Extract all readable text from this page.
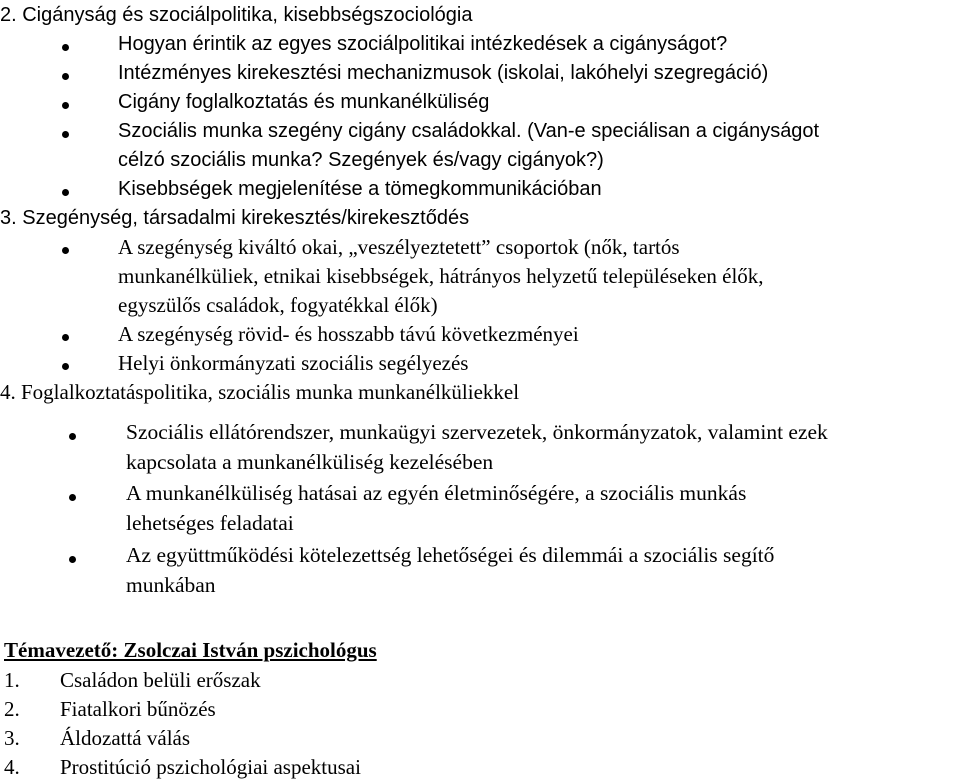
2. Cigányság és szociálpolitika, kisebbségszociológia
Hogyan érintik az egyes szociálpolitikai intézkedések a cigányságot?
Intézményes kirekesztési mechanizmusok (iskolai, lakóhelyi szegregáció)
Cigány foglalkoztatás és munkanélküliség
Szociális munka szegény cigány családokkal. (Van-e speciálisan a cigányságot
célzó szociális munka? Szegények és/vagy cigányok?)
Kisebbségek megjelenítése a tömegkommunikációban
3. Szegénység, társadalmi kirekesztés/kirekesztődés
A szegénység kiváltó okai, „veszélyeztetett” csoportok (nők, tartós
munkanélküliek, etnikai kisebbségek, hátrányos helyzetű településeken élők,
egyszülős családok, fogyatékkal élők)
A szegénység rövid- és hosszabb távú következményei
Helyi önkormányzati szociális segélyezés
4. Foglalkoztatáspolitika, szociális munka munkanélküliekkel
Szociális ellátórendszer, munkaügyi szervezetek, önkormányzatok, valamint ezek
kapcsolata a munkanélküliség kezelésében
A munkanélküliség hatásai az egyén életminőségére, a szociális munkás
lehetséges feladatai
Az együttműködési kötelezettség lehetőségei és dilemmái a szociális segítő
munkában
Témavezető: Zsolczai István pszichológus
1. Családon belüli erőszak
2. Fiatalkori bűnözés
3. Áldozattá válás
4. Prostitúció pszichológiai aspektusai
